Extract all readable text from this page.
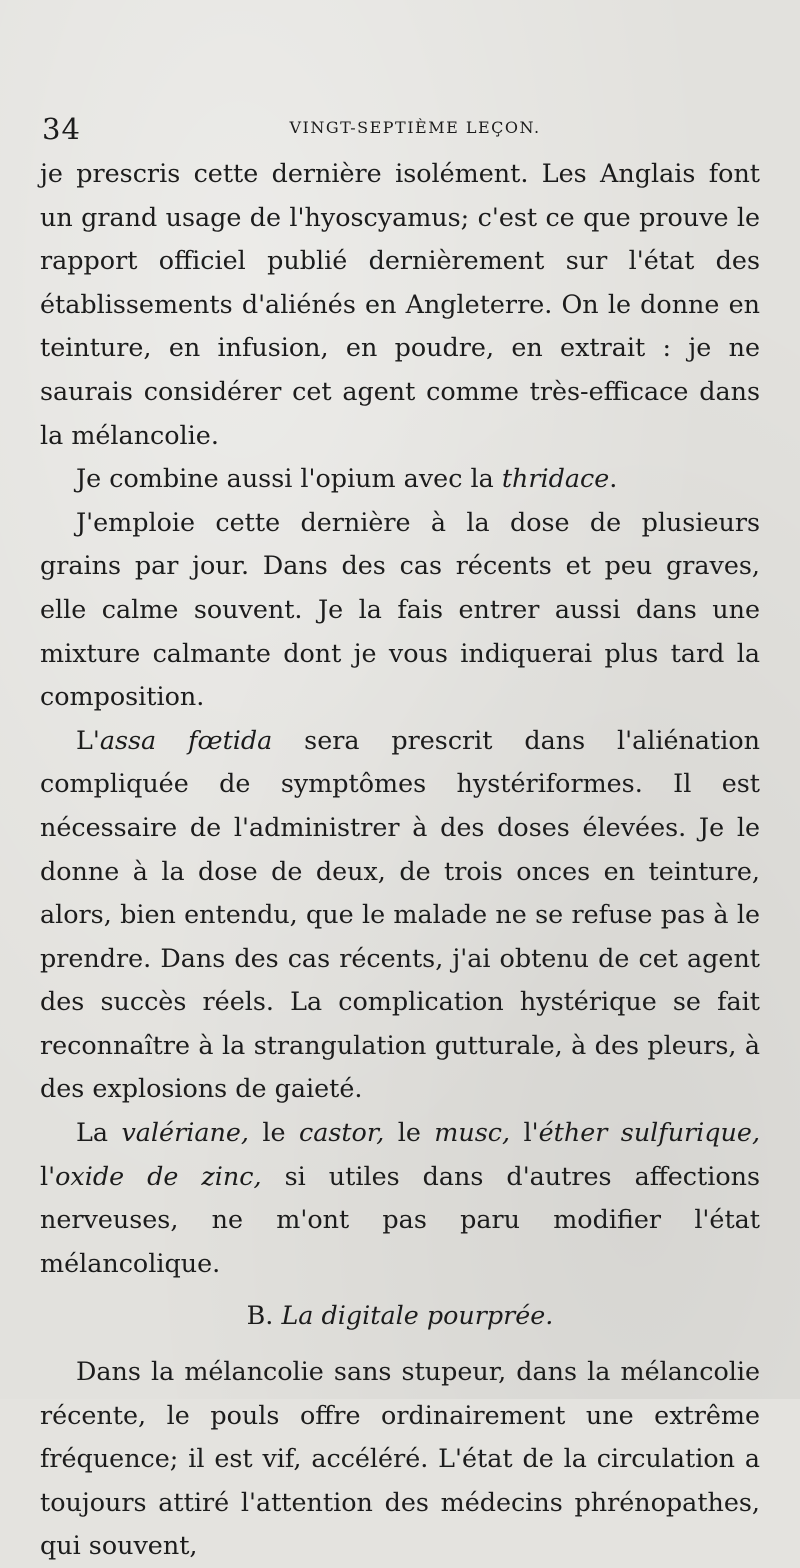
34	VINGT-SEPTIÈME LEÇON.

je prescris cette dernière isolément. Les Anglais font un grand usage de l'hyoscyamus; c'est ce que prouve le rapport officiel publié dernièrement sur l'état des établissements d'aliénés en Angleterre. On le donne en teinture, en infusion, en poudre, en extrait : je ne saurais considérer cet agent comme très-efficace dans la mélancolie.

Je combine aussi l'opium avec la thridace.

J'emploie cette dernière à la dose de plusieurs grains par jour. Dans des cas récents et peu graves, elle calme souvent. Je la fais entrer aussi dans une mixture calmante dont je vous indiquerai plus tard la composition.

L'assa fœtida sera prescrit dans l'aliénation compliquée de symptômes hystériformes. Il est nécessaire de l'administrer à des doses élevées. Je le donne à la dose de deux, de trois onces en teinture, alors, bien entendu, que le malade ne se refuse pas à le prendre. Dans des cas récents, j'ai obtenu de cet agent des succès réels. La complication hystérique se fait reconnaître à la strangulation gutturale, à des pleurs, à des explosions de gaieté.

La valériane, le castor, le musc, l'éther sulfurique, l'oxide de zinc, si utiles dans d'autres affections nerveuses, ne m'ont pas paru modifier l'état mélancolique.

B. La digitale pourprée.

Dans la mélancolie sans stupeur, dans la mélancolie récente, le pouls offre ordinairement une extrême fréquence; il est vif, accéléré. L'état de la circulation a toujours attiré l'attention des médecins phrénopathes, qui souvent,
